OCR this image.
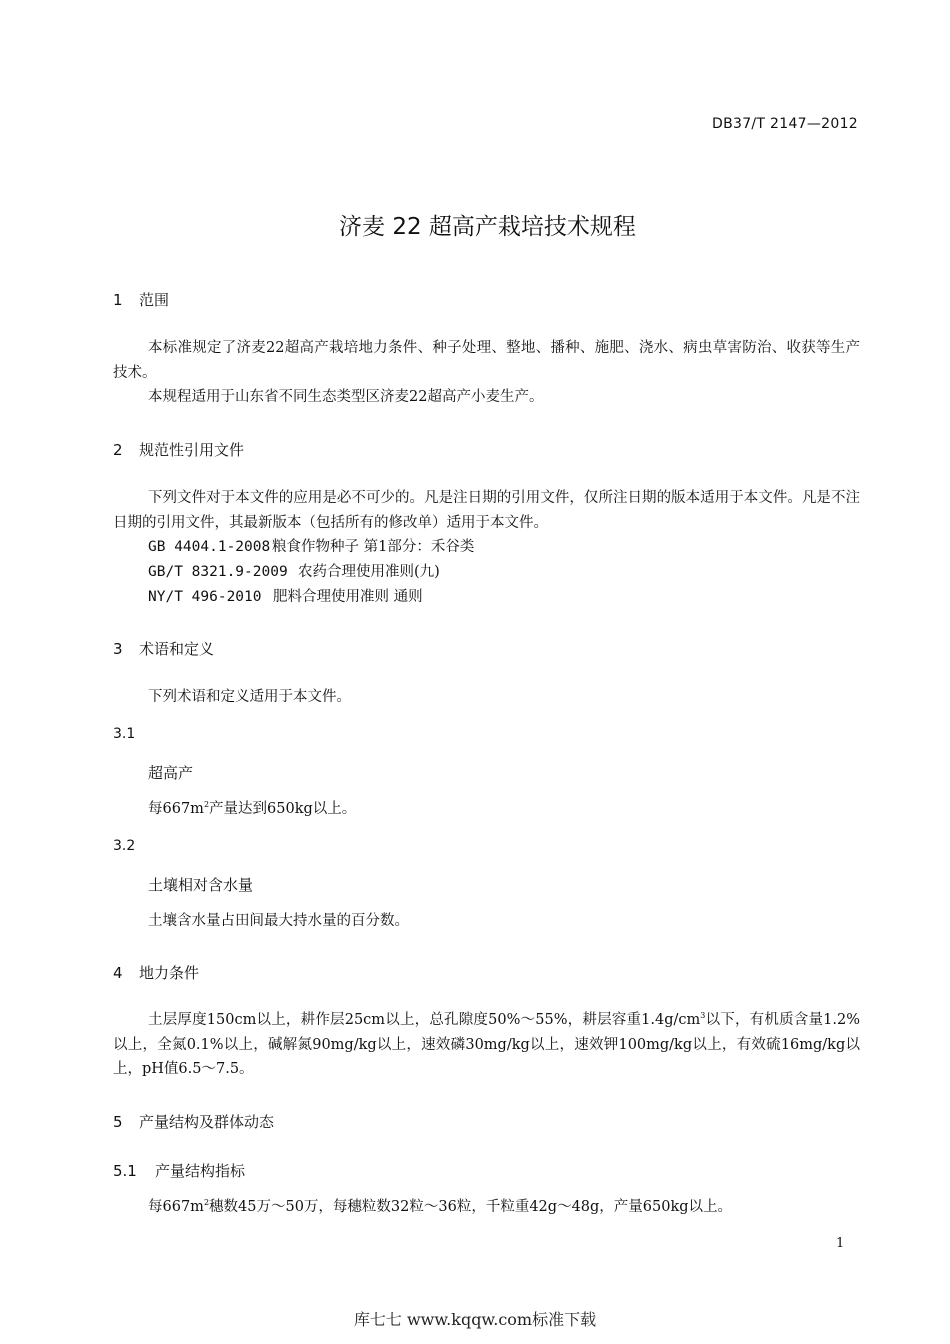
DB37/T 2147—2012
济麦 22 超高产栽培技术规程
1 范围
本标准规定了济麦22超高产栽培地力条件、种子处理、整地、播种、施肥、浇水、病虫草害防治、收获等生产技术。
本规程适用于山东省不同生态类型区济麦22超高产小麦生产。
2 规范性引用文件
下列文件对于本文件的应用是必不可少的。凡是注日期的引用文件，仅所注日期的版本适用于本文件。凡是不注日期的引用文件，其最新版本（包括所有的修改单）适用于本文件。
GB 4404.1-2008 粮食作物种子 第1部分：禾谷类
GB/T 8321.9-2009 农药合理使用准则(九)
NY/T 496-2010 肥料合理使用准则 通则
3 术语和定义
下列术语和定义适用于本文件。
3.1
超高产
每$667m^2$产量达到650kg以上。
3.2
土壤相对含水量
土壤含水量占田间最大持水量的百分数。
4 地力条件
土层厚度150cm以上，耕作层25cm以上，总孔隙度50%～55%，耕层容重$1.4g/cm^3$以下，有机质含量1.2%以上，全氮0.1%以上，碱解氮90mg/kg以上，速效磷30mg/kg以上，速效钾100mg/kg以上，有效硫16mg/kg以上，pH值6.5～7.5。
5 产量结构及群体动态
5.1 产量结构指标
每$667m^2$穗数45万～50万，每穗粒数32粒～36粒，千粒重42g～48g，产量650kg以上。
1
库七七 www.kqqw.com标准下载
